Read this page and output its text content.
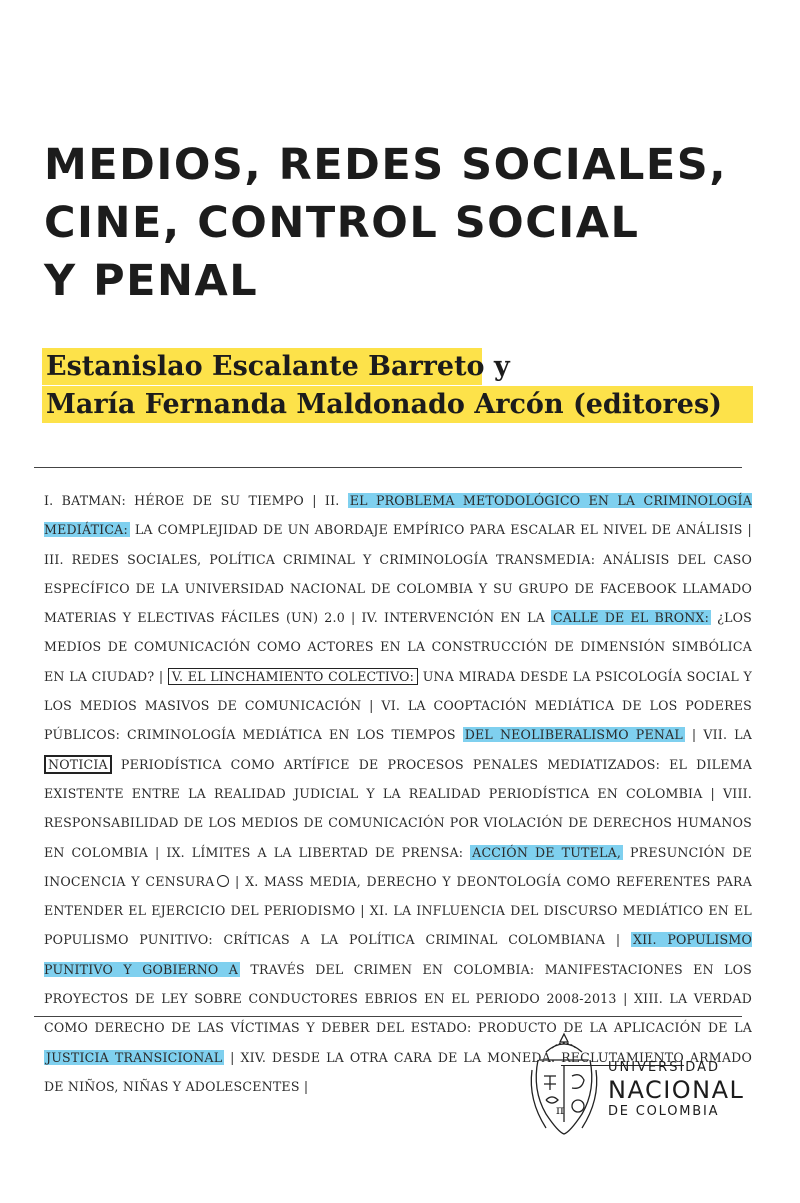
MEDIOS, REDES SOCIALES,
CINE, CONTROL SOCIAL
Y PENAL
Estanislao Escalante Barreto y
María Fernanda Maldonado Arcón (editores)
I. BATMAN: HÉROE DE SU TIEMPO | II. EL PROBLEMA METODOLÓGICO EN LA CRIMINOLOGÍA MEDIÁTICA: LA COMPLEJIDAD DE UN ABORDAJE EMPÍRICO PARA ESCALAR EL NIVEL DE ANÁLISIS | III. REDES SOCIALES, POLÍTICA CRIMINAL Y CRIMINOLOGÍA TRANSMEDIA: ANÁLISIS DEL CASO ESPECÍFICO DE LA UNIVERSIDAD NACIONAL DE COLOMBIA Y SU GRUPO DE FACEBOOK LLAMADO MATERIAS Y ELECTIVAS FÁCILES (UN) 2.0 | IV. INTERVENCIÓN EN LA CALLE DE EL BRONX: ¿LOS MEDIOS DE COMUNICACIÓN COMO ACTORES EN LA CONSTRUCCIÓN DE DIMENSIÓN SIMBÓLICA EN LA CIUDAD? | V. EL LINCHAMIENTO COLECTIVO: UNA MIRADA DESDE LA PSICOLOGÍA SOCIAL Y LOS MEDIOS MASIVOS DE COMUNICACIÓN | VI. LA COOPTACIÓN MEDIÁTICA DE LOS PODERES PÚBLICOS: CRIMINOLOGÍA MEDIÁTICA EN LOS TIEMPOS DEL NEOLIBERALISMO PENAL | VII. LA NOTICIA PERIODÍSTICA COMO ARTÍFICE DE PROCESOS PENALES MEDIATIZADOS: EL DILEMA EXISTENTE ENTRE LA REALIDAD JUDICIAL Y LA REALIDAD PERIODÍSTICA EN COLOMBIA | VIII. RESPONSABILIDAD DE LOS MEDIOS DE COMUNICACIÓN POR VIOLACIÓN DE DERECHOS HUMANOS EN COLOMBIA | IX. LÍMITES A LA LIBERTAD DE PRENSA: ACCIÓN DE TUTELA, PRESUNCIÓN DE INOCENCIA Y CENSURA | X. MASS MEDIA, DERECHO Y DEONTOLOGÍA COMO REFERENTES PARA ENTENDER EL EJERCICIO DEL PERIODISMO | XI. LA INFLUENCIA DEL DISCURSO MEDIÁTICO EN EL POPULISMO PUNITIVO: CRÍTICAS A LA POLÍTICA CRIMINAL COLOMBIANA | XII. POPULISMO PUNITIVO Y GOBIERNO A TRAVÉS DEL CRIMEN EN COLOMBIA: MANIFESTACIONES EN LOS PROYECTOS DE LEY SOBRE CONDUCTORES EBRIOS EN EL PERIODO 2008-2013 | XIII. LA VERDAD COMO DERECHO DE LAS VÍCTIMAS Y DEBER DEL ESTADO: PRODUCTO DE LA APLICACIÓN DE LA JUSTICIA TRANSICIONAL | XIV. DESDE LA OTRA CARA DE LA MONEDA. RECLUTAMIENTO ARMADO DE NIÑOS, NIÑAS Y ADOLESCENTES |
π
UNIVERSIDAD
NACIONAL
DE COLOMBIA
